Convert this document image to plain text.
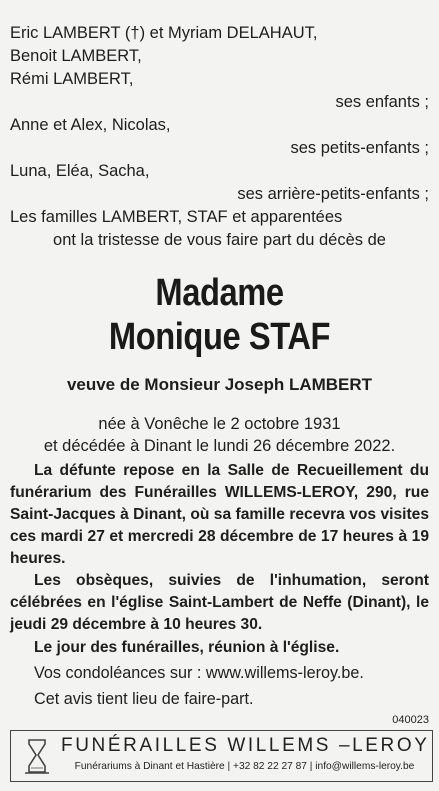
Eric LAMBERT (†) et Myriam DELAHAUT,
Benoit LAMBERT,
Rémi LAMBERT,
ses enfants ;
Anne et Alex, Nicolas,
ses petits-enfants ;
Luna, Eléa, Sacha,
ses arrière-petits-enfants ;
Les familles LAMBERT, STAF et apparentées
ont la tristesse de vous faire part du décès de
Madame
Monique STAF
veuve de Monsieur Joseph LAMBERT
née à Vonêche le 2 octobre 1931
et décédée à Dinant le lundi 26 décembre 2022.
La défunte repose en la Salle de Recueillement du funérarium des Funérailles WILLEMS-LEROY, 290, rue Saint-Jacques à Dinant, où sa famille recevra vos visites ces mardi 27 et mercredi 28 décembre de 17 heures à 19 heures.
Les obsèques, suivies de l'inhumation, seront célébrées en l'église Saint-Lambert de Neffe (Dinant), le jeudi 29 décembre à 10 heures 30.
Le jour des funérailles, réunion à l'église.
Vos condoléances sur : www.willems-leroy.be.
Cet avis tient lieu de faire-part.
040023
FUNÉRAILLES WILLEMS –LEROY
Funérariums à Dinant et Hastière | +32 82 22 27 87 | info@willems-leroy.be
